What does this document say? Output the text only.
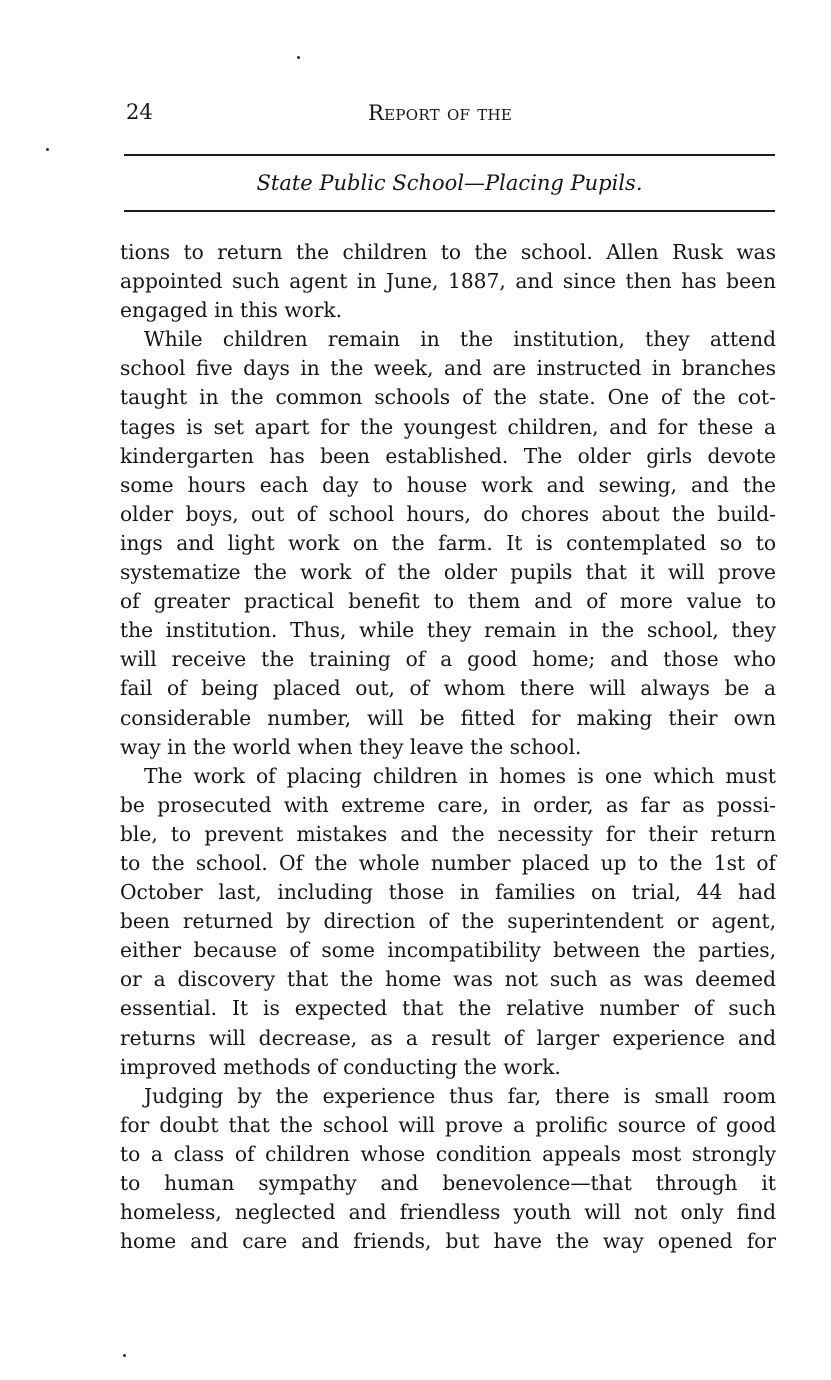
24	Report of the
State Public School—Placing Pupils.
tions to return the children to the school. Allen Rusk was
appointed such agent in June, 1887, and since then has been
engaged in this work.
While children remain in the institution, they attend
school five days in the week, and are instructed in branches
taught in the common schools of the state. One of the cot-
tages is set apart for the youngest children, and for these a
kindergarten has been established. The older girls devote
some hours each day to house work and sewing, and the
older boys, out of school hours, do chores about the build-
ings and light work on the farm. It is contemplated so to
systematize the work of the older pupils that it will prove
of greater practical benefit to them and of more value to
the institution. Thus, while they remain in the school, they
will receive the training of a good home; and those who
fail of being placed out, of whom there will always be a
considerable number, will be fitted for making their own
way in the world when they leave the school.
The work of placing children in homes is one which must
be prosecuted with extreme care, in order, as far as possi-
ble, to prevent mistakes and the necessity for their return
to the school. Of the whole number placed up to the 1st of
October last, including those in families on trial, 44 had
been returned by direction of the superintendent or agent,
either because of some incompatibility between the parties,
or a discovery that the home was not such as was deemed
essential. It is expected that the relative number of such
returns will decrease, as a result of larger experience and
improved methods of conducting the work.
Judging by the experience thus far, there is small room
for doubt that the school will prove a prolific source of good
to a class of children whose condition appeals most strongly
to human sympathy and benevolence—that through it
homeless, neglected and friendless youth will not only find
home and care and friends, but have the way opened for
